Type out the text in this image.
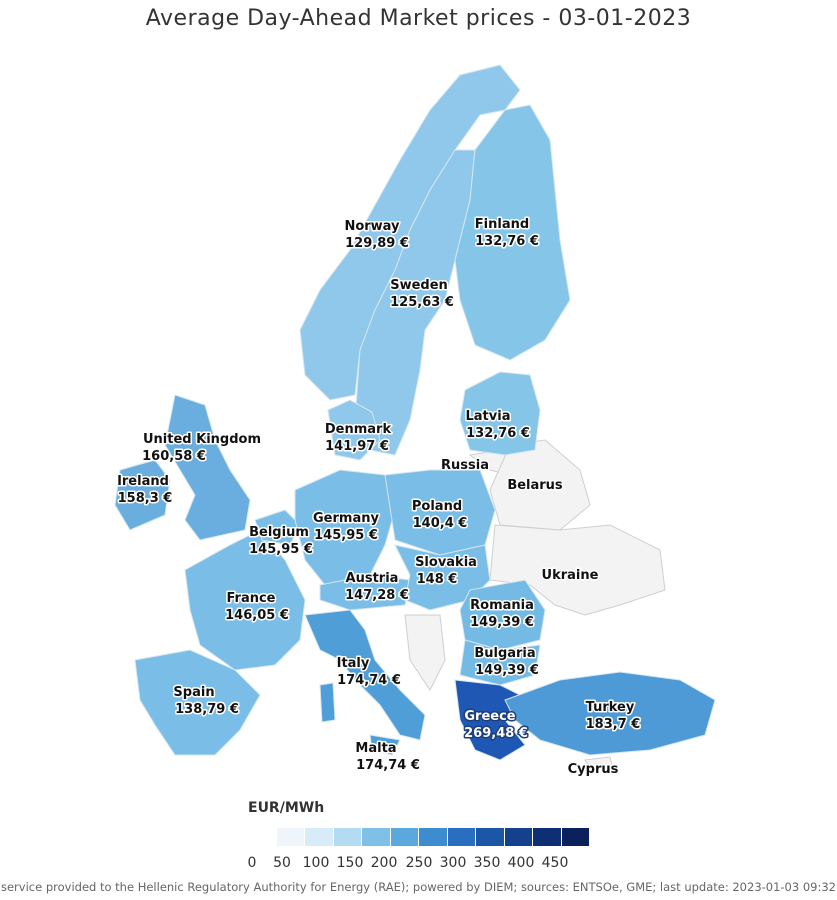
Average Day-Ahead Market prices - 03-01-2023
Norway
129,89 €
Finland
132,76 €
Sweden
125,63 €
United Kingdom
160,58 €
Ireland
158,3 €
Denmark
141,97 €
Latvia
132,76 €
Germany
145,95 €
Belgium
145,95 €
Poland
140,4 €
France
146,05 €
Austria
147,28 €
Slovakia
148 €
Romania
149,39 €
Bulgaria
149,39 €
Italy
174,74 €
Spain
138,79 €
Malta
174,74 €
Greece
269,48 €
Turkey
183,7 €
Russia
Belarus
Ukraine
Cyprus
EUR/MWh
0 50 100 150 200 250 300 350 400 450
service provided to the Hellenic Regulatory Authority for Energy (RAE); powered by DIEM; sources: ENTSOe, GME; last update: 2023-01-03 09:32
